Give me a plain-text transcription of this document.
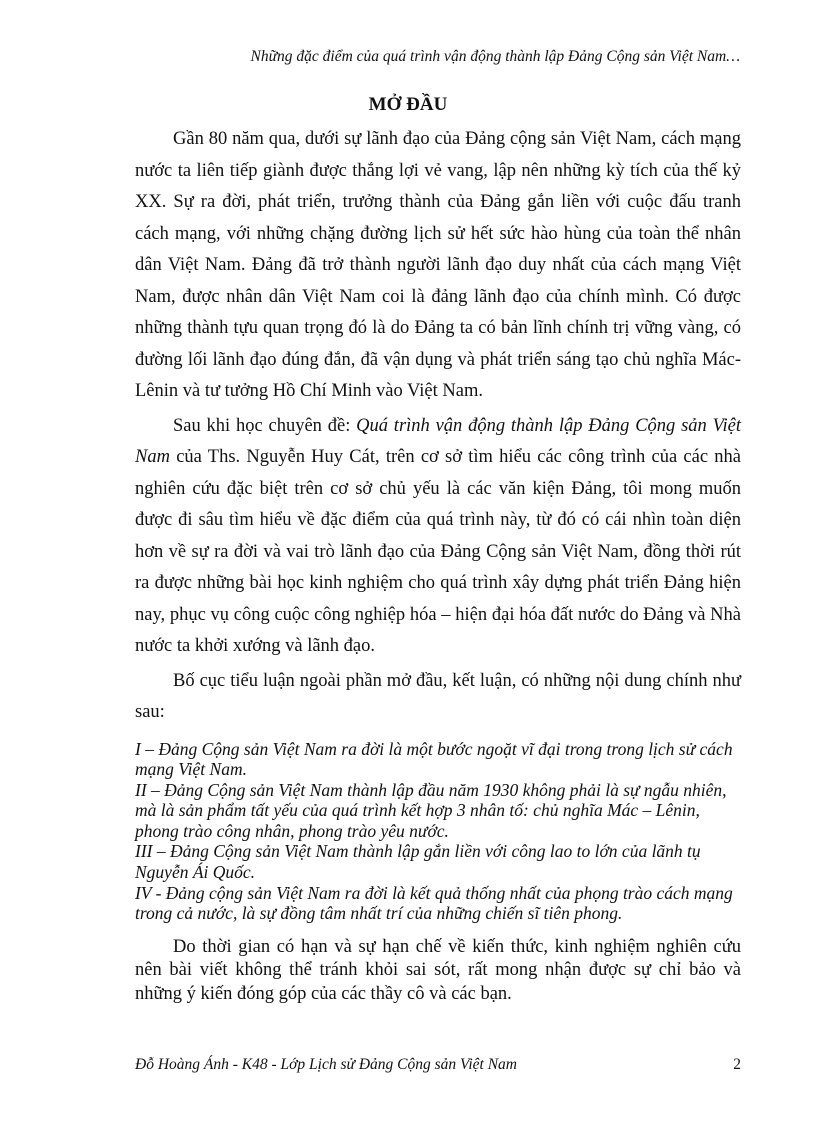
Những đặc điểm của quá trình vận động thành lập Đảng Cộng sản Việt Nam…
MỞ ĐẦU

Gần 80 năm qua, dưới sự lãnh đạo của Đảng cộng sản Việt Nam, cách mạng nước ta liên tiếp giành được thắng lợi vẻ vang, lập nên những kỳ tích của thế kỷ XX. Sự ra đời, phát triển, trưởng thành của Đảng gắn liền với cuộc đấu tranh cách mạng, với những chặng đường lịch sử hết sức hào hùng của toàn thể nhân dân Việt Nam. Đảng đã trở thành người lãnh đạo duy nhất của cách mạng Việt Nam, được nhân dân Việt Nam coi là đảng lãnh đạo của chính mình. Có được những thành tựu quan trọng đó là do Đảng ta có bản lĩnh chính trị vững vàng, có đường lối lãnh đạo đúng đắn, đã vận dụng và phát triển sáng tạo chủ nghĩa Mác- Lênin và tư tưởng Hồ Chí Minh vào Việt Nam.

Sau khi học chuyên đề: Quá trình vận động thành lập Đảng Cộng sản Việt Nam của Ths. Nguyễn Huy Cát, trên cơ sở tìm hiểu các công trình của các nhà nghiên cứu đặc biệt trên cơ sở chủ yếu là các văn kiện Đảng, tôi mong muốn được đi sâu tìm hiểu về đặc điểm của quá trình này, từ đó có cái nhìn toàn diện hơn về sự ra đời và vai trò lãnh đạo của Đảng Cộng sản Việt Nam, đồng thời rút ra được những bài học kinh nghiệm cho quá trình xây dựng phát triển Đảng hiện nay, phục vụ công cuộc công nghiệp hóa – hiện đại hóa đất nước do Đảng và Nhà nước ta khởi xướng và lãnh đạo.

Bố cục tiểu luận ngoài phần mở đầu, kết luận, có những nội dung chính như sau:

I – Đảng Cộng sản Việt Nam ra đời là một bước ngoặt vĩ đại trong trong lịch sử cách mạng Việt Nam.

II – Đảng Cộng sản Việt Nam thành lập đầu năm 1930 không phải là sự ngẫu nhiên, mà là sản phẩm tất yếu của quá trình kết hợp 3 nhân tố: chủ nghĩa Mác – Lênin, phong trào công nhân, phong trào yêu nước.

III – Đảng Cộng sản Việt Nam thành lập gắn liền với công lao to lớn của lãnh tụ Nguyễn Ái Quốc.

IV - Đảng cộng sản Việt Nam ra đời là kết quả thống nhất của phọng trào cách mạng trong cả nước, là sự đồng tâm nhất trí của những chiến sĩ tiên phong.

Do thời gian có hạn và sự hạn chế về kiến thức, kinh nghiệm nghiên cứu nên bài viết không thể tránh khỏi sai sót, rất mong nhận được sự chỉ bảo và những ý kiến đóng góp của các thầy cô và các bạn.

Đỗ Hoàng Ánh - K48 - Lớp Lịch sử Đảng Cộng sản Việt Nam	2
